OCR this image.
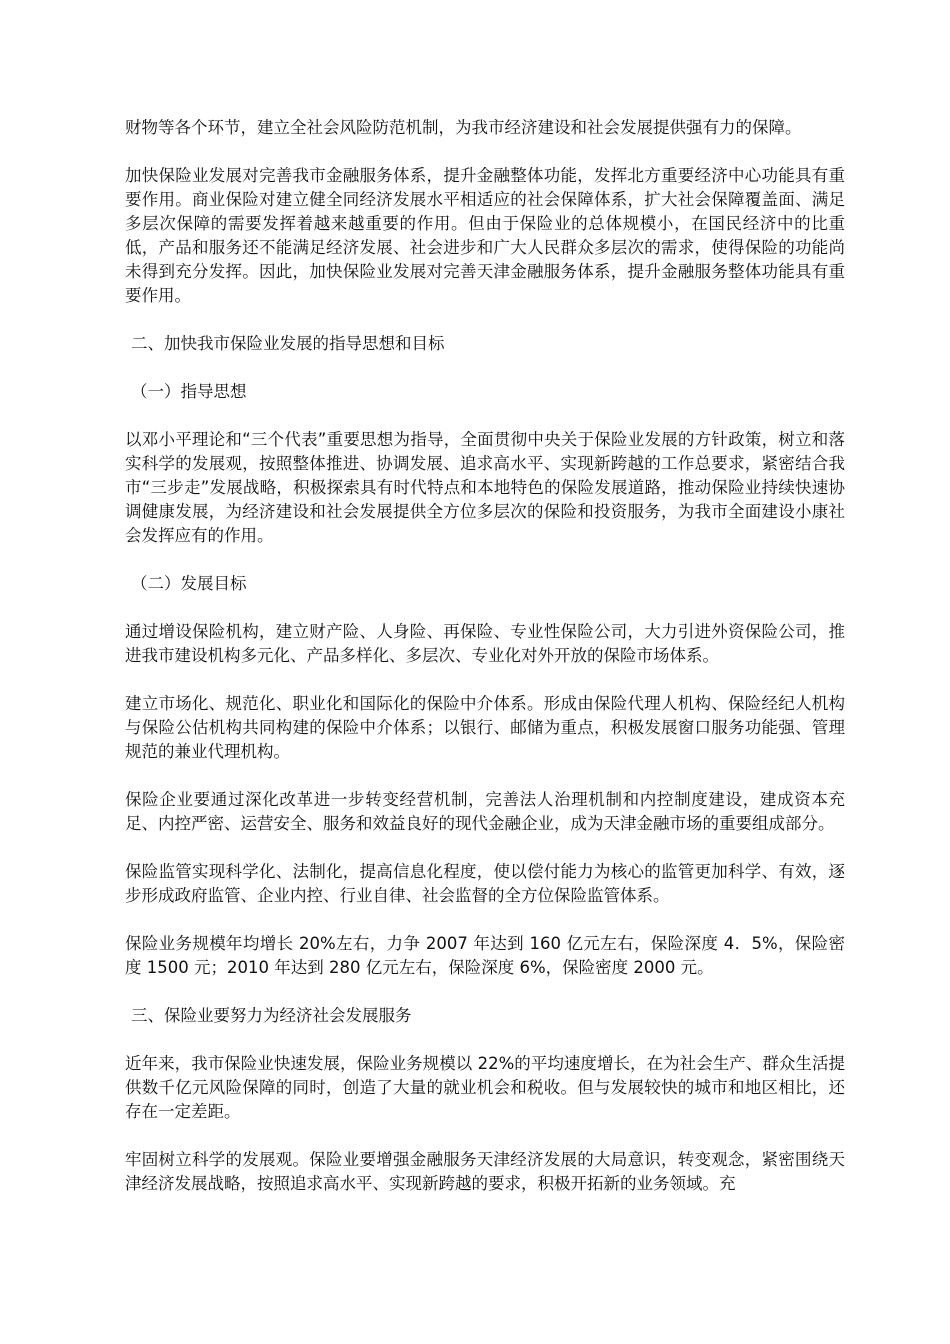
财物等各个环节，建立全社会风险防范机制，为我市经济建设和社会发展提供强有力的保障。

加快保险业发展对完善我市金融服务体系，提升金融整体功能，发挥北方重要经济中心功能具有重要作用。商业保险对建立健全同经济发展水平相适应的社会保障体系，扩大社会保障覆盖面、满足多层次保障的需要发挥着越来越重要的作用。但由于保险业的总体规模小，在国民经济中的比重低，产品和服务还不能满足经济发展、社会进步和广大人民群众多层次的需求，使得保险的功能尚未得到充分发挥。因此，加快保险业发展对完善天津金融服务体系，提升金融服务整体功能具有重要作用。

二、加快我市保险业发展的指导思想和目标

（一）指导思想

以邓小平理论和“三个代表”重要思想为指导，全面贯彻中央关于保险业发展的方针政策，树立和落实科学的发展观，按照整体推进、协调发展、追求高水平、实现新跨越的工作总要求，紧密结合我市“三步走”发展战略，积极探索具有时代特点和本地特色的保险发展道路，推动保险业持续快速协调健康发展，为经济建设和社会发展提供全方位多层次的保险和投资服务，为我市全面建设小康社会发挥应有的作用。

（二）发展目标

通过增设保险机构，建立财产险、人身险、再保险、专业性保险公司，大力引进外资保险公司，推进我市建设机构多元化、产品多样化、多层次、专业化对外开放的保险市场体系。

建立市场化、规范化、职业化和国际化的保险中介体系。形成由保险代理人机构、保险经纪人机构与保险公估机构共同构建的保险中介体系；以银行、邮储为重点，积极发展窗口服务功能强、管理规范的兼业代理机构。

保险企业要通过深化改革进一步转变经营机制，完善法人治理机制和内控制度建设，建成资本充足、内控严密、运营安全、服务和效益良好的现代金融企业，成为天津金融市场的重要组成部分。

保险监管实现科学化、法制化，提高信息化程度，使以偿付能力为核心的监管更加科学、有效，逐步形成政府监管、企业内控、行业自律、社会监督的全方位保险监管体系。

保险业务规模年均增长 20%左右，力争 2007 年达到 160 亿元左右，保险深度 4．5%，保险密度 1500 元；2010 年达到 280 亿元左右，保险深度 6%，保险密度 2000 元。

三、保险业要努力为经济社会发展服务

近年来，我市保险业快速发展，保险业务规模以 22%的平均速度增长，在为社会生产、群众生活提供数千亿元风险保障的同时，创造了大量的就业机会和税收。但与发展较快的城市和地区相比，还存在一定差距。

牢固树立科学的发展观。保险业要增强金融服务天津经济发展的大局意识，转变观念，紧密围绕天津经济发展战略，按照追求高水平、实现新跨越的要求，积极开拓新的业务领域。充
